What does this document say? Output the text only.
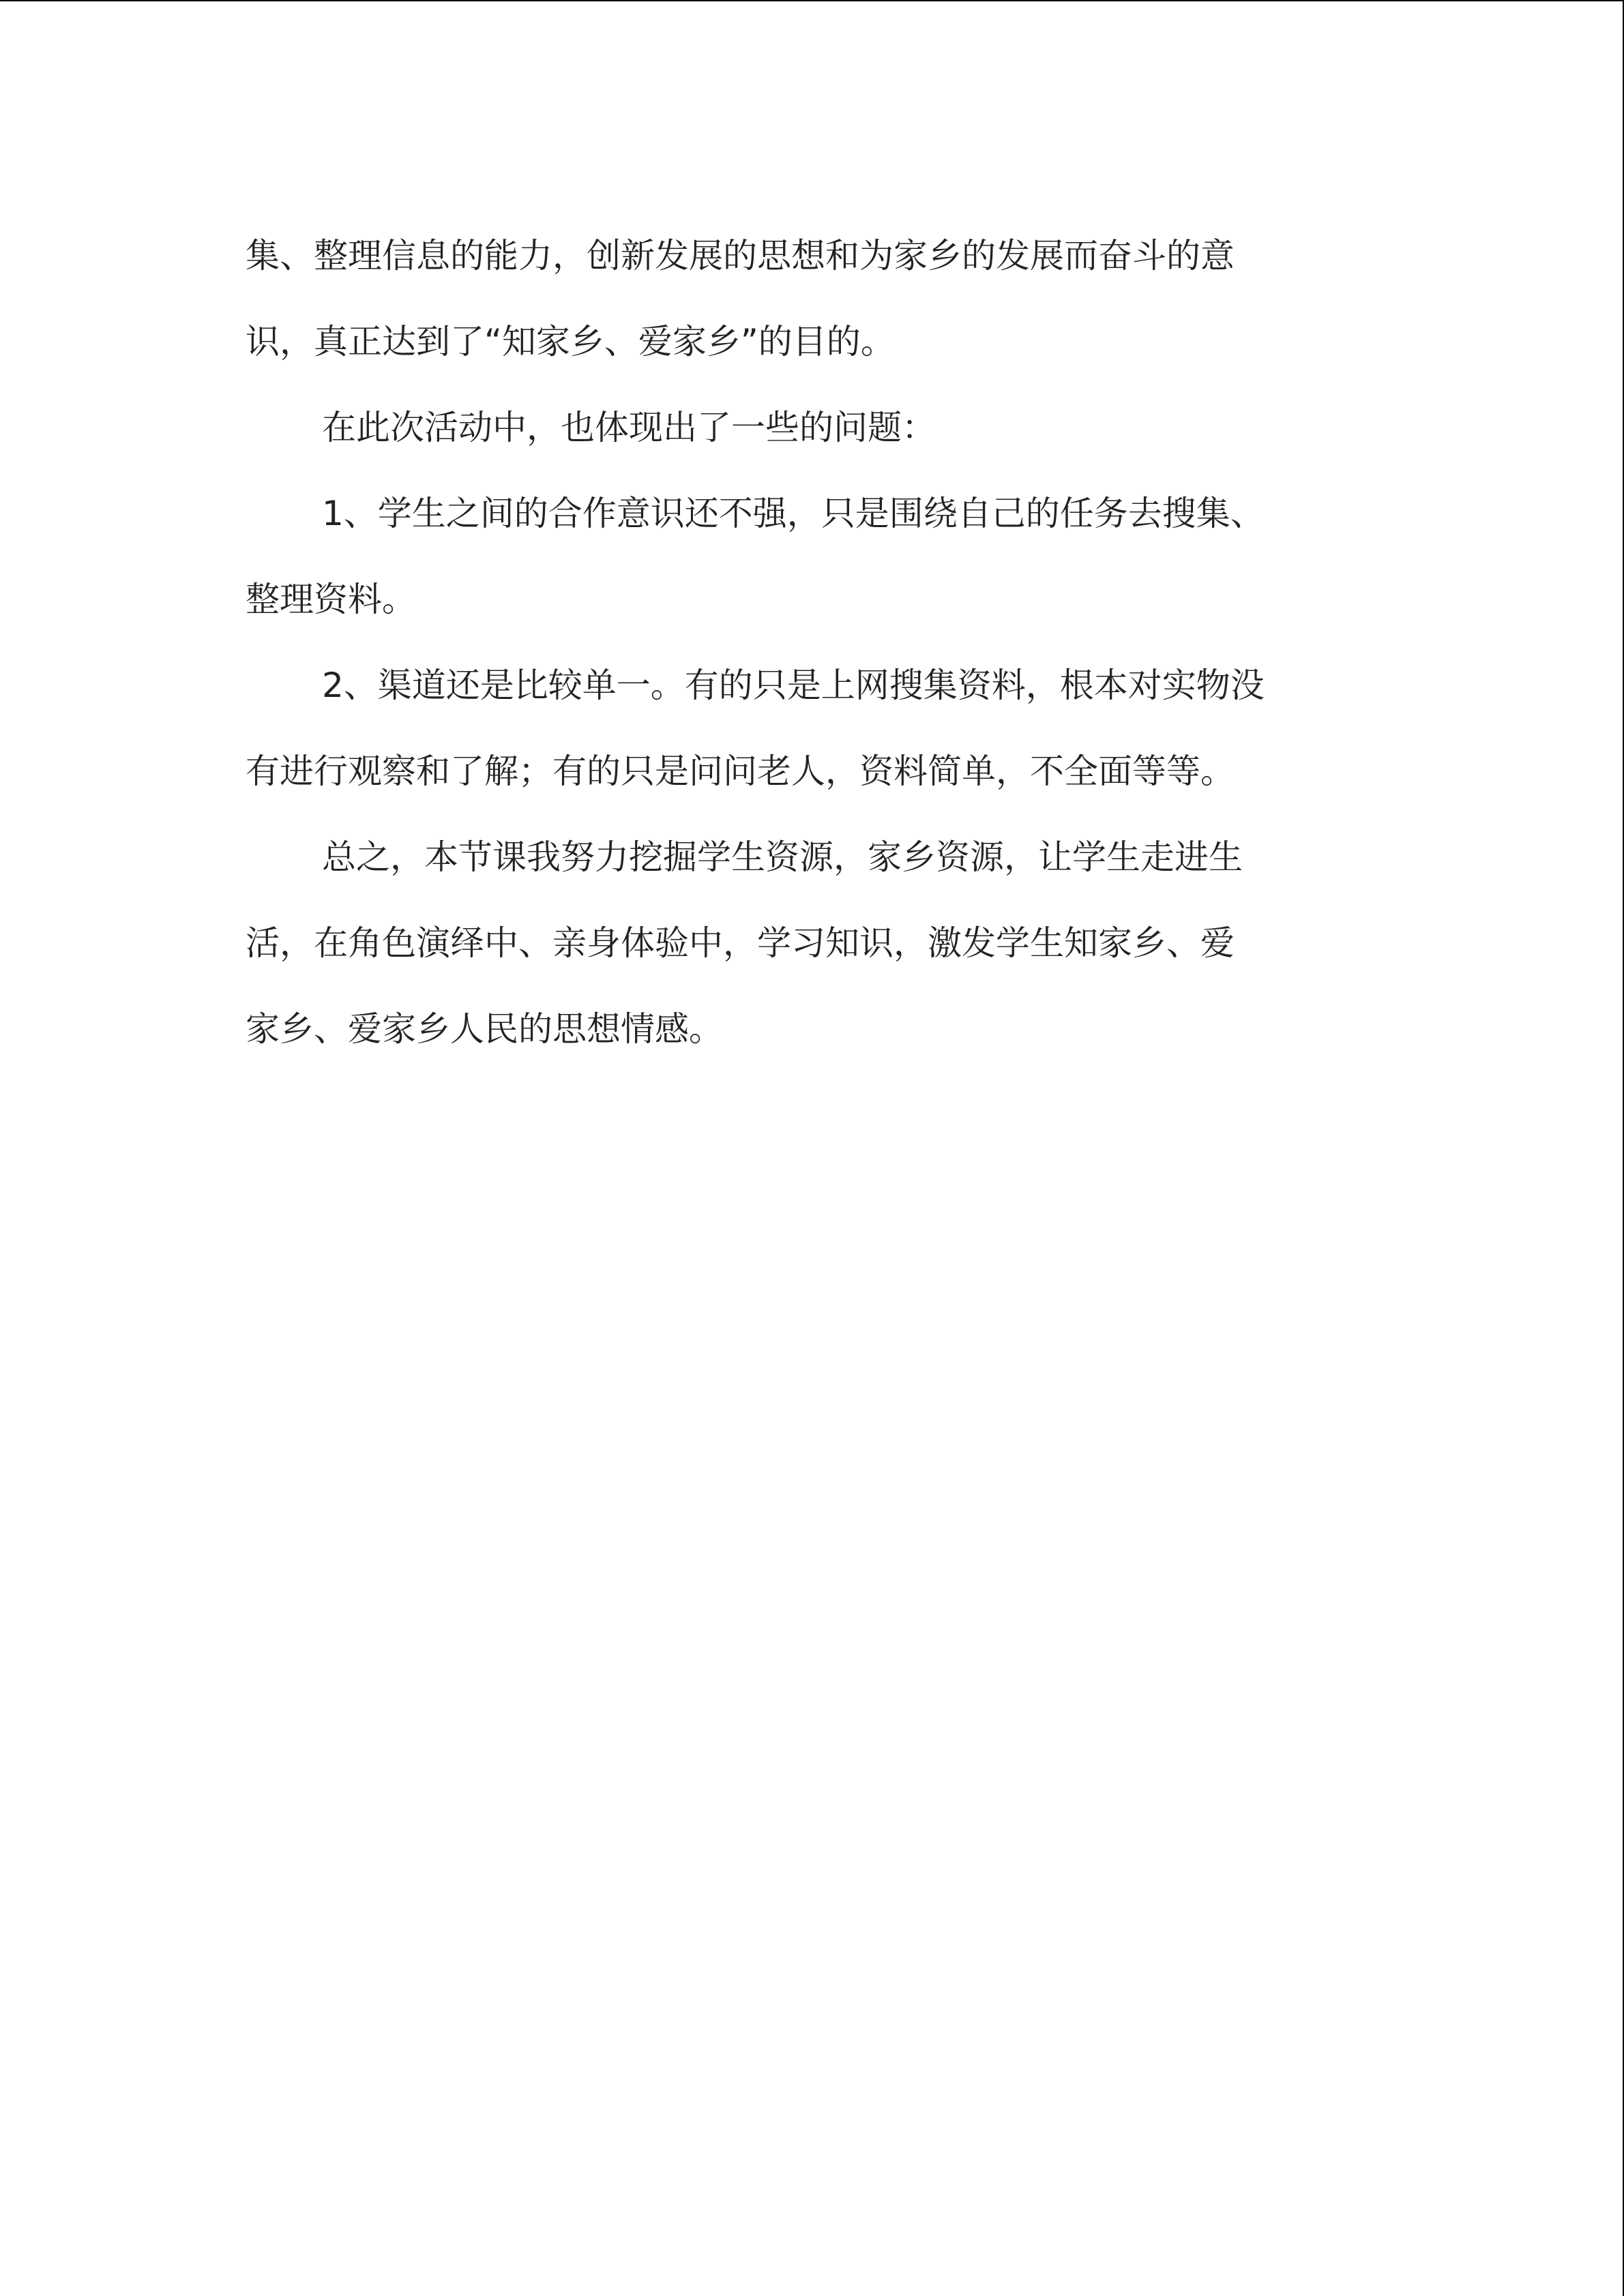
集、整理信息的能力，创新发展的思想和为家乡的发展而奋斗的意
识，真正达到了“知家乡、爱家乡”的目的。
在此次活动中，也体现出了一些的问题：
1、学生之间的合作意识还不强，只是围绕自己的任务去搜集、
整理资料。
2、渠道还是比较单一。有的只是上网搜集资料，根本对实物没
有进行观察和了解；有的只是问问老人，资料简单，不全面等等。
总之，本节课我努力挖掘学生资源，家乡资源，让学生走进生
活，在角色演绎中、亲身体验中，学习知识，激发学生知家乡、爱
家乡、爱家乡人民的思想情感。
